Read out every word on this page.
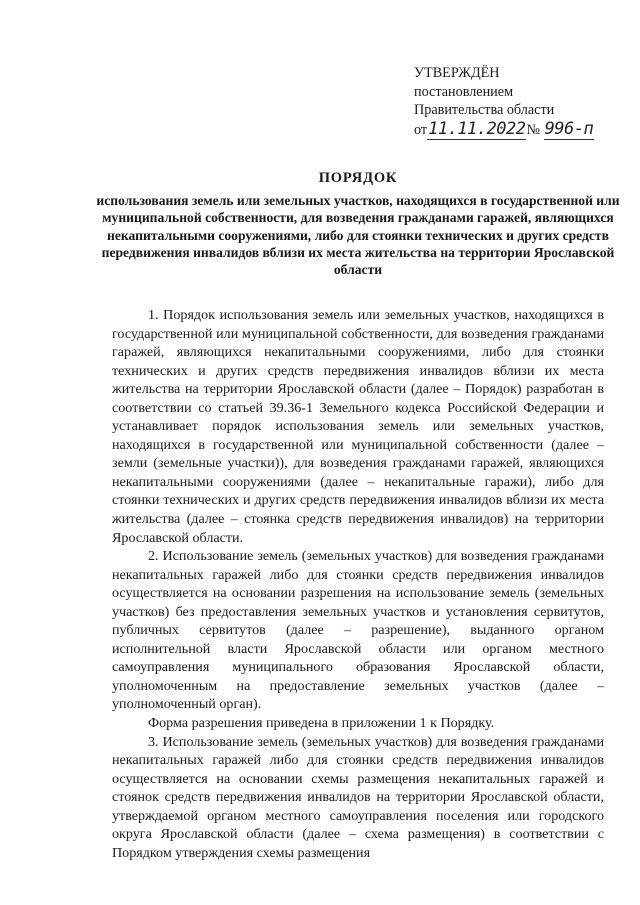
УТВЕРЖДЁН
постановлением
Правительства области
от11.11.2022№ 996-п
ПОРЯДОК
использования земель или земельных участков, находящихся в государственной или муниципальной собственности, для возведения гражданами гаражей, являющихся некапитальными сооружениями, либо для стоянки технических и других средств передвижения инвалидов вблизи их места жительства на территории Ярославской области

1. Порядок использования земель или земельных участков, находящихся в государственной или муниципальной собственности, для возведения гражданами гаражей, являющихся некапитальными сооружениями, либо для стоянки технических и других средств передвижения инвалидов вблизи их места жительства на территории Ярославской области (далее – Порядок) разработан в соответствии со статьей 39.36-1 Земельного кодекса Российской Федерации и устанавливает порядок использования земель или земельных участков, находящихся в государственной или муниципальной собственности (далее – земли (земельные участки)), для возведения гражданами гаражей, являющихся некапитальными сооружениями (далее – некапитальные гаражи), либо для стоянки технических и других средств передвижения инвалидов вблизи их места жительства (далее – стоянка средств передвижения инвалидов) на территории Ярославской области.

2. Использование земель (земельных участков) для возведения гражданами некапитальных гаражей либо для стоянки средств передвижения инвалидов осуществляется на основании разрешения на использование земель (земельных участков) без предоставления земельных участков и установления сервитутов, публичных сервитутов (далее – разрешение), выданного органом исполнительной власти Ярославской области или органом местного самоуправления муниципального образования Ярославской области, уполномоченным на предоставление земельных участков (далее – уполномоченный орган).

Форма разрешения приведена в приложении 1 к Порядку.

3. Использование земель (земельных участков) для возведения гражданами некапитальных гаражей либо для стоянки средств передвижения инвалидов осуществляется на основании схемы размещения некапитальных гаражей и стоянок средств передвижения инвалидов на территории Ярославской области, утверждаемой органом местного самоуправления поселения или городского округа Ярославской области (далее – схема размещения) в соответствии с Порядком утверждения схемы размещения
